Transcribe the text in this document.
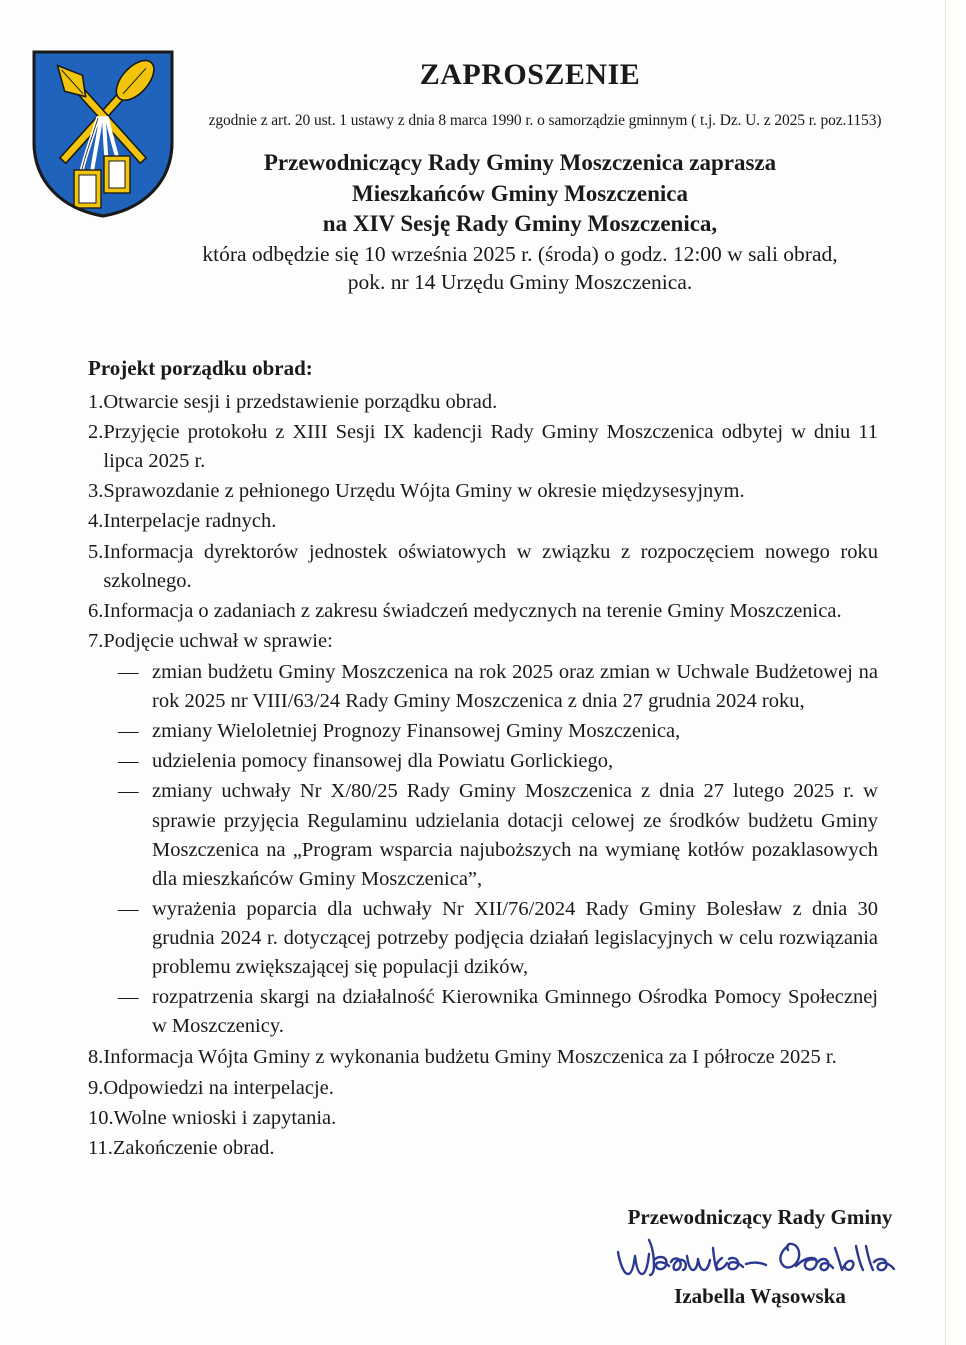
ZAPROSZENIE
zgodnie z art. 20 ust. 1 ustawy z dnia 8 marca 1990 r. o samorządzie gminnym ( t.j. Dz. U. z 2025 r. poz.1153)
Przewodniczący Rady Gminy Moszczenica zaprasza
Mieszkańców Gminy Moszczenica
na XIV Sesję Rady Gminy Moszczenica,
która odbędzie się 10 września 2025 r. (środa) o godz. 12:00 w sali obrad,
pok. nr 14 Urzędu Gminy Moszczenica.
Projekt porządku obrad:
1. Otwarcie sesji i przedstawienie porządku obrad.
2. Przyjęcie protokołu z XIII Sesji IX kadencji Rady Gminy Moszczenica odbytej w dniu 11 lipca 2025 r.
3. Sprawozdanie z pełnionego Urzędu Wójta Gminy w okresie międzysesyjnym.
4. Interpelacje radnych.
5. Informacja dyrektorów jednostek oświatowych w związku z rozpoczęciem nowego roku szkolnego.
6. Informacja o zadaniach z zakresu świadczeń medycznych na terenie Gminy Moszczenica.
7. Podjęcie uchwał w sprawie:
— zmian budżetu Gminy Moszczenica na rok 2025 oraz zmian w Uchwale Budżetowej na rok 2025 nr VIII/63/24 Rady Gminy Moszczenica z dnia 27 grudnia 2024 roku,
— zmiany Wieloletniej Prognozy Finansowej Gminy Moszczenica,
— udzielenia pomocy finansowej dla Powiatu Gorlickiego,
— zmiany uchwały Nr X/80/25 Rady Gminy Moszczenica z dnia 27 lutego 2025 r. w sprawie przyjęcia Regulaminu udzielania dotacji celowej ze środków budżetu Gminy Moszczenica na „Program wsparcia najuboższych na wymianę kotłów pozaklasowych dla mieszkańców Gminy Moszczenica”,
— wyrażenia poparcia dla uchwały Nr XII/76/2024 Rady Gminy Bolesław z dnia 30 grudnia 2024 r. dotyczącej potrzeby podjęcia działań legislacyjnych w celu rozwiązania problemu zwiększającej się populacji dzików,
— rozpatrzenia skargi na działalność Kierownika Gminnego Ośrodka Pomocy Społecznej w Moszczenicy.
8. Informacja Wójta Gminy z wykonania budżetu Gminy Moszczenica za I półrocze 2025 r.
9. Odpowiedzi na interpelacje.
10. Wolne wnioski i zapytania.
11. Zakończenie obrad.
Przewodniczący Rady Gminy
Izabella Wąsowska
